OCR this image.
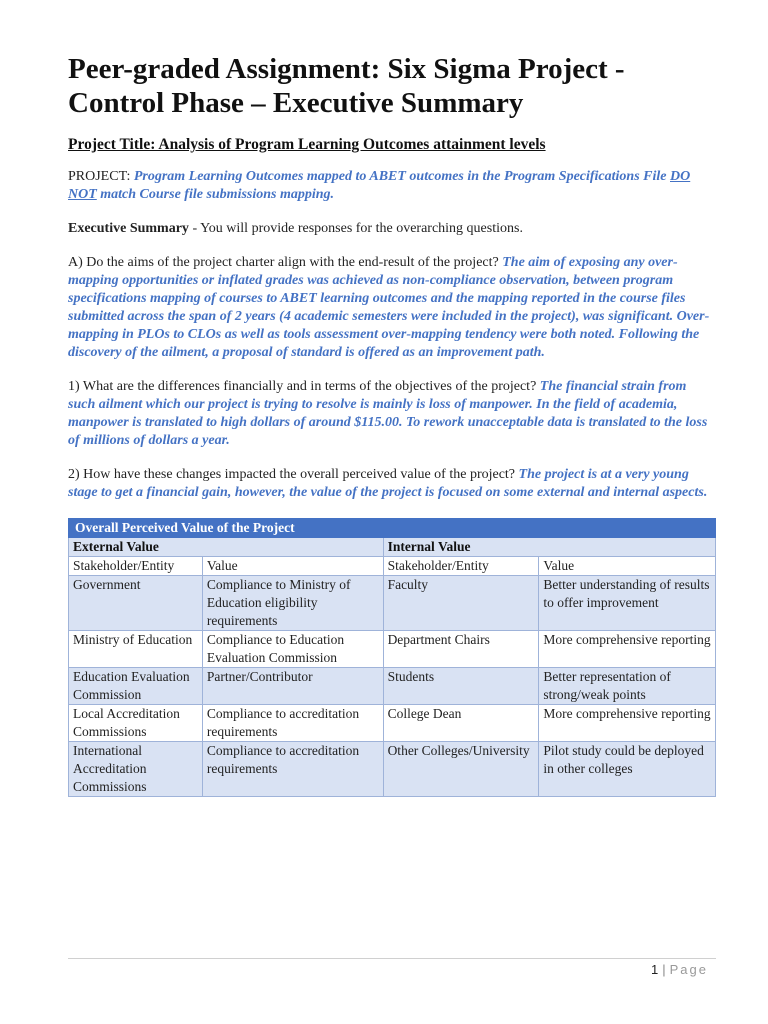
Peer-graded Assignment: Six Sigma Project - Control Phase – Executive Summary
Project Title: Analysis of Program Learning Outcomes attainment levels

PROJECT: Program Learning Outcomes mapped to ABET outcomes in the Program Specifications File DO NOT match Course file submissions mapping.

Executive Summary - You will provide responses for the overarching questions.

A) Do the aims of the project charter align with the end-result of the project? The aim of exposing any over-mapping opportunities or inflated grades was achieved as non-compliance observation, between program specifications mapping of courses to ABET learning outcomes and the mapping reported in the course files submitted across the span of 2 years (4 academic semesters were included in the project), was significant. Over-mapping in PLOs to CLOs as well as tools assessment over-mapping tendency were both noted. Following the discovery of the ailment, a proposal of standard is offered as an improvement path.

1) What are the differences financially and in terms of the objectives of the project? The financial strain from such ailment which our project is trying to resolve is mainly is loss of manpower. In the field of academia, manpower is translated to high dollars of around $115.00. To rework unacceptable data is translated to the loss of millions of dollars a year.

2) How have these changes impacted the overall perceived value of the project? The project is at a very young stage to get a financial gain, however, the value of the project is focused on some external and internal aspects.

Overall Perceived Value of the Project			
External Value		Internal Value	
Stakeholder/Entity	Value	Stakeholder/Entity	Value
Government	Compliance to Ministry of Education eligibility requirements	Faculty	Better understanding of results to offer improvement
Ministry of Education	Compliance to Education Evaluation Commission	Department Chairs	More comprehensive reporting
Education Evaluation Commission	Partner/Contributor	Students	Better representation of strong/weak points
Local Accreditation Commissions	Compliance to accreditation requirements	College Dean	More comprehensive reporting
International Accreditation Commissions	Compliance to accreditation requirements	Other Colleges/University	Pilot study could be deployed in other colleges
1 | Page
